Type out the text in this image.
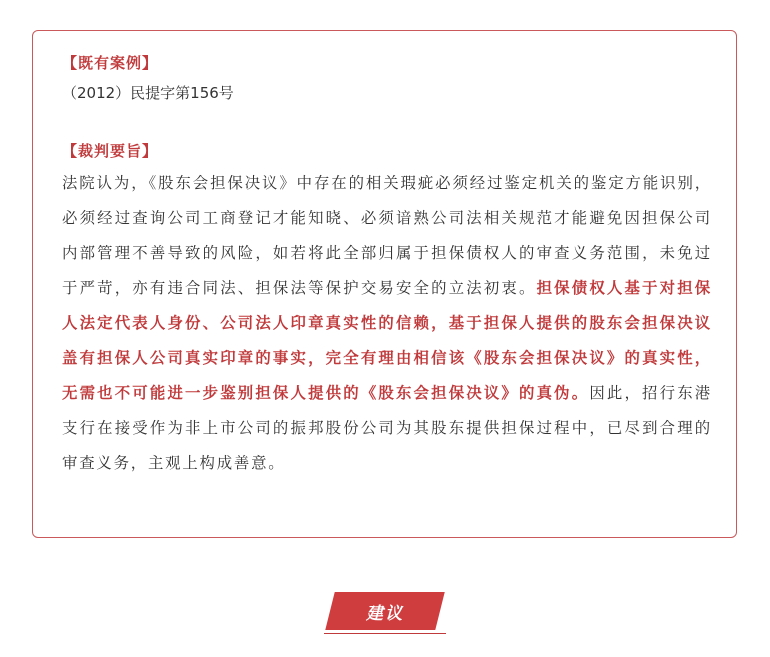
【既有案例】

（2012）民提字第156号

【裁判要旨】

法院认为，《股东会担保决议》中存在的相关瑕疵必须经过鉴定机关的鉴定方能识别，必须经过查询公司工商登记才能知晓、必须谙熟公司法相关规范才能避免因担保公司内部管理不善导致的风险，如若将此全部归属于担保债权人的审查义务范围，未免过于严苛，亦有违合同法、担保法等保护交易安全的立法初衷。担保债权人基于对担保人法定代表人身份、公司法人印章真实性的信赖，基于担保人提供的股东会担保决议盖有担保人公司真实印章的事实，完全有理由相信该《股东会担保决议》的真实性，无需也不可能进一步鉴别担保人提供的《股东会担保决议》的真伪。因此，招行东港支行在接受作为非上市公司的振邦股份公司为其股东提供担保过程中，已尽到合理的审查义务，主观上构成善意。

建议
